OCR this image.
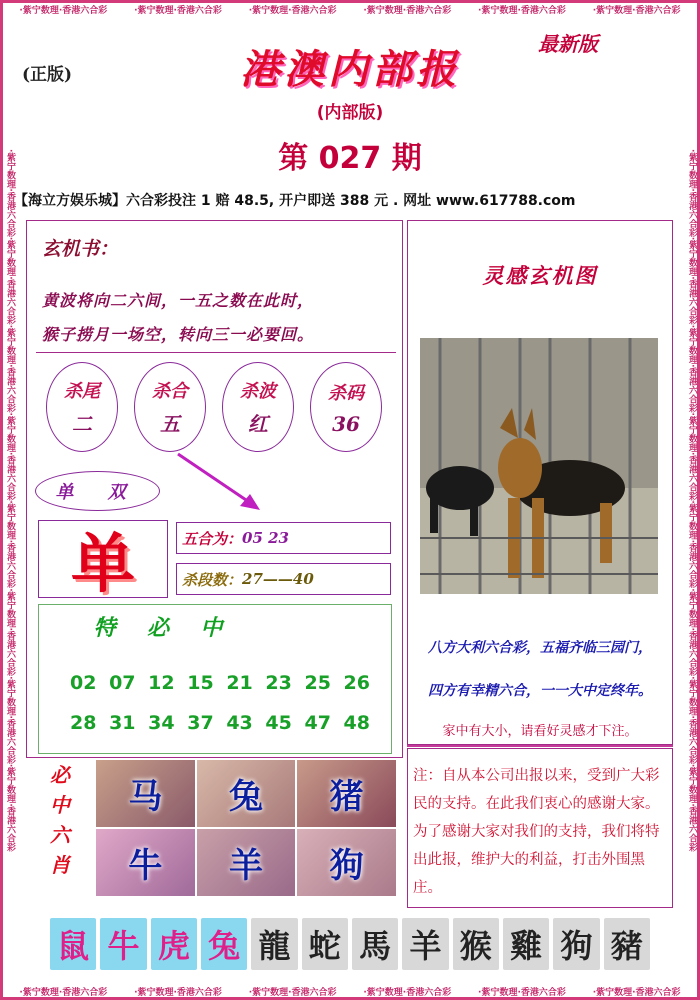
·紫宁数理·香港六合彩	·紫宁数理·香港六合彩	·紫宁数理·香港六合彩	·紫宁数理·香港六合彩	·紫宁数理·香港六合彩	·紫宁数理·香港六合彩
·紫宁数理·香港六合彩	·紫宁数理·香港六合彩	·紫宁数理·香港六合彩	·紫宁数理·香港六合彩	·紫宁数理·香港六合彩	·紫宁数理·香港六合彩
·紫宁数理·香港六合彩·紫宁数理·香港六合彩·紫宁数理·香港六合彩·紫宁数理·香港六合彩·紫宁数理·香港六合彩·紫宁数理·香港六合彩·紫宁数理·香港六合彩·紫宁数理·香港六合彩
·紫宁数理·香港六合彩·紫宁数理·香港六合彩·紫宁数理·香港六合彩·紫宁数理·香港六合彩·紫宁数理·香港六合彩·紫宁数理·香港六合彩·紫宁数理·香港六合彩·紫宁数理·香港六合彩
(正版)
最新版
港澳内部报
(内部版)
第 027 期
【海立方娱乐城】六合彩投注 1 赔 48.5, 开户即送 388 元 . 网址 www.617788.com
玄机书：
黄波将向二六间，一五之数在此时，
猴子捞月一场空，转向三一必要回。
杀尾
二
杀合
五
杀波
红
杀码
36
单 双
单	五合为： 05 23
杀段数： 27——40
特 必 中
02 07 12 15 21 23 25 26
28 31 34 37 43 45 47 48
必
中
六
肖
马	兔	猪
牛	羊	狗
灵感玄机图
八方大利六合彩，五福齐临三园门，
四方有幸精六合，一一大中定终年。
家中有大小，请看好灵感才下注。
注：自从本公司出报以来，受到广大彩民的支持。在此我们衷心的感谢大家。为了感谢大家对我们的支持，我们将特出此报，维护大的利益，打击外围黑庄。
鼠 牛 虎 兔 龍 蛇 馬 羊 猴 雞 狗 豬
